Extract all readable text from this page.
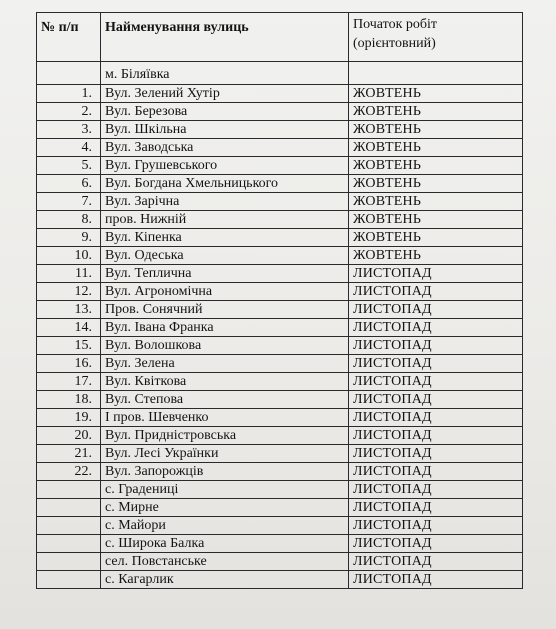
№ п/п	Найменування вулиць	Початок робіт
(орієнтовний)
	м. Біляївка	
1.	Вул. Зелений Хутір	ЖОВТЕНЬ
2.	Вул. Березова	ЖОВТЕНЬ
3.	Вул. Шкільна	ЖОВТЕНЬ
4.	Вул. Заводська	ЖОВТЕНЬ
5.	Вул. Грушевського	ЖОВТЕНЬ
6.	Вул. Богдана Хмельницького	ЖОВТЕНЬ
7.	Вул. Зарічна	ЖОВТЕНЬ
8.	пров. Нижній	ЖОВТЕНЬ
9.	Вул. Кіпенка	ЖОВТЕНЬ
10.	Вул. Одеська	ЖОВТЕНЬ
11.	Вул. Теплична	ЛИСТОПАД
12.	Вул. Агрономічна	ЛИСТОПАД
13.	Пров. Сонячний	ЛИСТОПАД
14.	Вул. Івана Франка	ЛИСТОПАД
15.	Вул. Волошкова	ЛИСТОПАД
16.	Вул. Зелена	ЛИСТОПАД
17.	Вул. Квіткова	ЛИСТОПАД
18.	Вул. Степова	ЛИСТОПАД
19.	І пров. Шевченко	ЛИСТОПАД
20.	Вул. Придністровська	ЛИСТОПАД
21.	Вул. Лесі Українки	ЛИСТОПАД
22.	Вул. Запорожців	ЛИСТОПАД
	с. Градениці	ЛИСТОПАД
	с. Мирне	ЛИСТОПАД
	с. Майори	ЛИСТОПАД
	с. Широка Балка	ЛИСТОПАД
	сел. Повстанське	ЛИСТОПАД
	с. Кагарлик	ЛИСТОПАД
